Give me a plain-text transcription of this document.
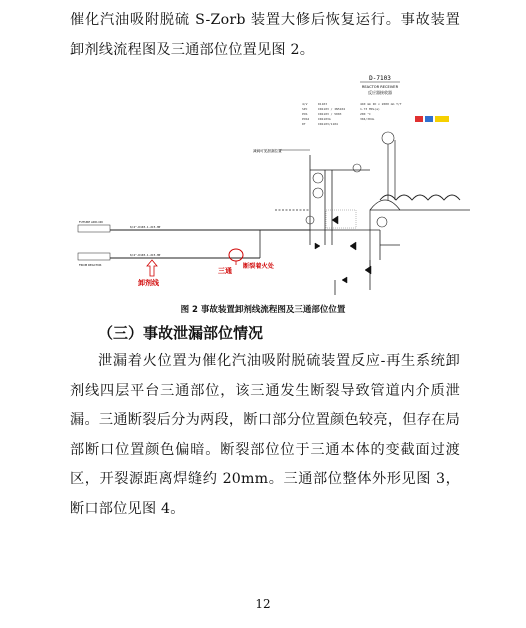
催化汽油吸附脱硫 S-Zorb 装置大修后恢复运行。事故装置卸剂线流程图及三通部位位置见图 2。

D-7103
REACTOR RECEIVER
反应器接收器
4/V	D1103	440 mm ID x 2000 mm T/T
SPC	IN1103 / IN5104	1.73 MPa(a)
POS	IN1103 / 5003	200 °C
POS2	IN1103A	304/304L
DT	IN1103/1104
减阀可见泄漏位置
FUTURE ADD-ON
FROM REACTOR
6/4"-D103-1-2C3-HP
6/4"-D103-1-2C3-HP
三通
断裂着火处
卸剂线
图 2 事故装置卸剂线流程图及三通部位位置
（三）事故泄漏部位情况

泄漏着火位置为催化汽油吸附脱硫装置反应-再生系统卸剂线四层平台三通部位，该三通发生断裂导致管道内介质泄漏。三通断裂后分为两段，断口部分位置颜色较亮，但存在局部断口位置颜色偏暗。断裂部位位于三通本体的变截面过渡区，开裂源距离焊缝约 20mm。三通部位整体外形见图 3，断口部位见图 4。

12
